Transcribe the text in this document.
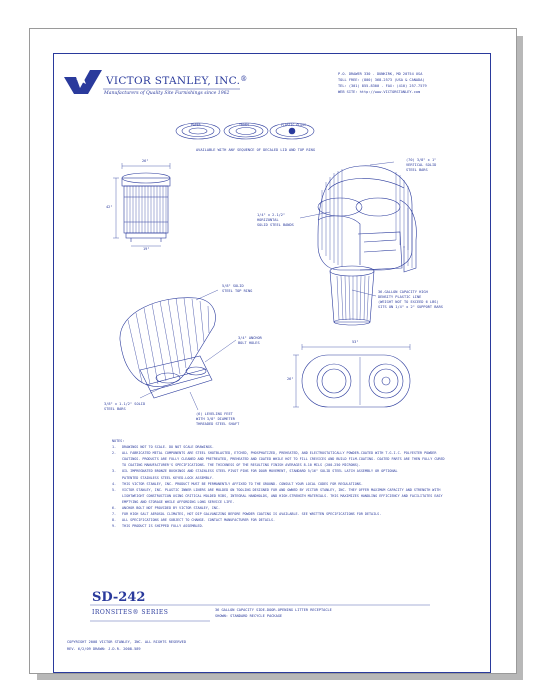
VICTOR STANLEY, INC.®
Manufacturers of Quality Site Furnishings since 1962
P.O. DRAWER 330 . DUNKIRK, MD 20754 USA
TOLL FREE: (800) 368-2573 (USA & CANADA)
TEL: (301) 855-8300 . FAX: (410) 257-7579
WEB SITE: http://www.VICTORSTANLEY.com
PAPER	TRASH	PLASTIC GLASS
AVAILABLE WITH ANY SEQUENCE OF DECALED LID AND TOP RING
26"
42"
19"
53"
26"
(70) 3/8" x 1"
VERTICAL SOLID
STEEL BARS
1/4" x 2-1/2"
HORIZONTAL
SOLID STEEL BANDS
5/8" SOLID
STEEL TOP RING
3/4" ANCHOR
BOLT HOLES
36-GALLON CAPACITY HIGH
DENSITY PLASTIC LINE
(WEIGHT NOT TO EXCEED 6 LBS)
SITS ON 1/4" x 2" SUPPORT BARS
3/8" x 1-1/2" SOLID
STEEL BARS
(6) LEVELING FEET
WITH 3/8" DIAMETER
THREADED STEEL SHAFT
NOTES:
1.	DRAWINGS NOT TO SCALE. DO NOT SCALE DRAWINGS.
2.	ALL FABRICATED METAL COMPONENTS ARE STEEL SHOTBLASTED, ETCHED, PHOSPHATIZED, PREHEATED, AND ELECTROSTATICALLY POWDER-COATED WITH T.G.I.C. POLYESTER POWDER
COATINGS. PRODUCTS ARE FULLY CLEANED AND PRETREATED, PREHEATED AND COATED WHILE HOT TO FILL CREVICES AND BUILD FILM-COATING. COATED PARTS ARE THEN FULLY CURED
TO COATING MANUFACTURER'S SPECIFICATIONS. THE THICKNESS OF THE RESULTING FINISH AVERAGES 8-10 MILS (200-250 MICRONS).
3.	OIL IMPREGNATED BRONZE BUSHINGS AND STAINLESS STEEL PIVOT PINS FOR DOOR MOVEMENT, STANDARD 5/16" SOLID STEEL LATCH ASSEMBLY OR OPTIONAL
PATENTED STAINLESS STEEL KEYED-LOCK ASSEMBLY.
4.	THIS VICTOR STANLEY, INC. PRODUCT MUST BE PERMANENTLY AFFIXED TO THE GROUND. CONSULT YOUR LOCAL CODES FOR REGULATIONS.
5.	VICTOR STANLEY, INC. PLASTIC INNER LINERS ARE MOLDED ON TOOLING DESIGNED FOR AND OWNED BY VICTOR STANLEY, INC. THEY OFFER MAXIMUM CAPACITY AND STRENGTH WITH
LIGHTWEIGHT CONSTRUCTION USING CRITICAL MOLDED RIBS, INTEGRAL HANDHOLDS, AND HIGH-STRENGTH MATERIALS. THIS MAXIMIZES HANDLING EFFICIENCY AND FACILITATES EASY
EMPTYING AND STORAGE WHILE AFFORDING LONG SERVICE LIFE.
6.	ANCHOR BOLT NOT PROVIDED BY VICTOR STANLEY, INC.
7.	FOR HIGH SALT AEROSOL CLIMATES, HOT DIP GALVANIZING BEFORE POWDER COATING IS AVAILABLE. SEE WRITTEN SPECIFICATIONS FOR DETAILS.
8.	ALL SPECIFICATIONS ARE SUBJECT TO CHANGE. CONTACT MANUFACTURER FOR DETAILS.
9.	THIS PRODUCT IS SHIPPED FULLY ASSEMBLED.
SD-242
IRONSITES® SERIES	36 GALLON CAPACITY SIDE-DOOR-OPENING LITTER RECEPTACLE
SHOWN: STANDARD RECYCLE PACKAGE
COPYRIGHT 2008 VICTOR STANLEY, INC. ALL RIGHTS RESERVED
REV. 6/2/09 DRAWN: J.D.R. 2008-589
